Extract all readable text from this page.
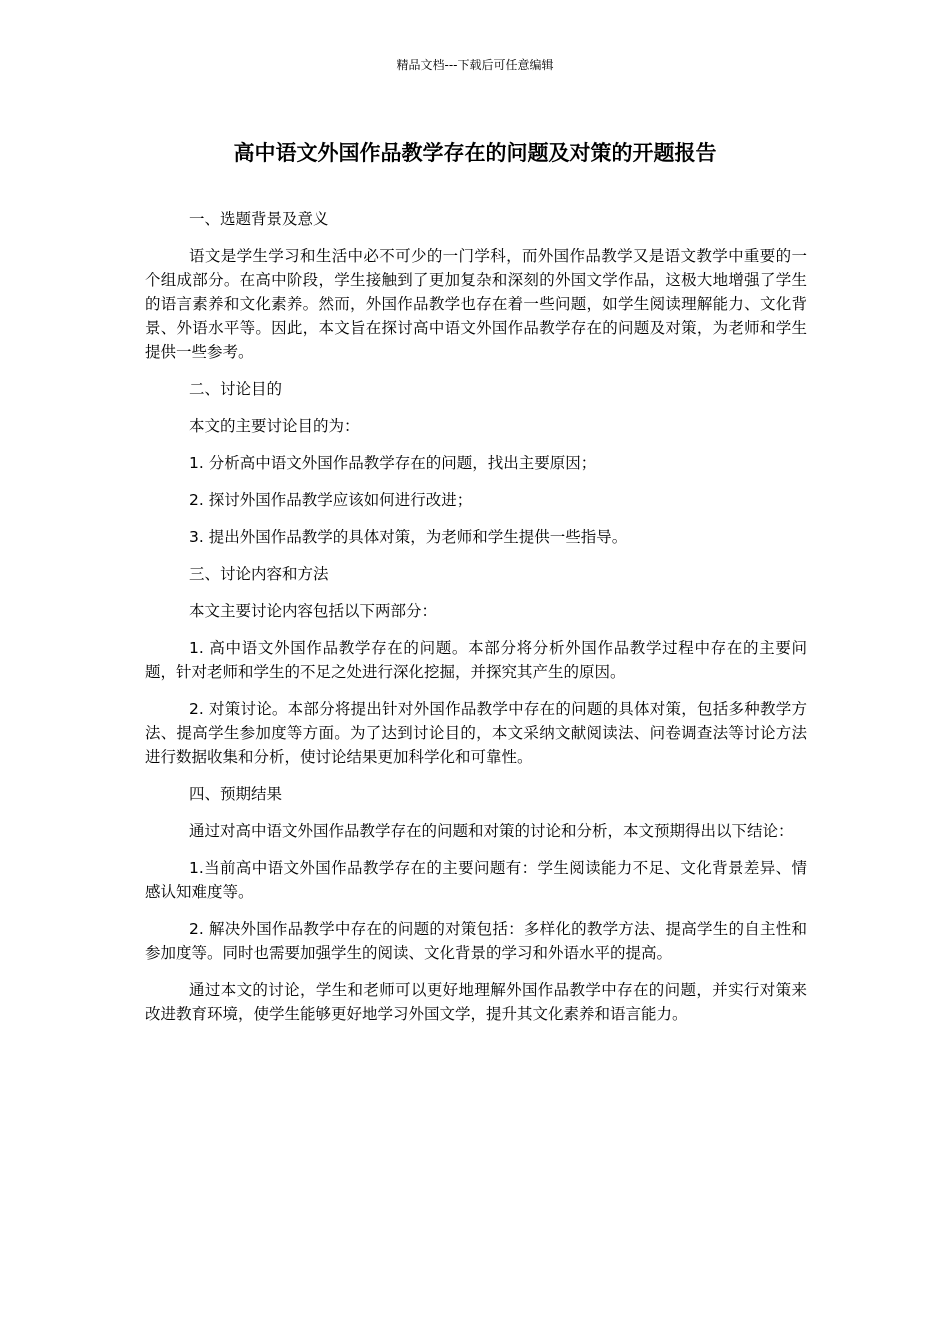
精品文档---下载后可任意编辑
高中语文外国作品教学存在的问题及对策的开题报告

一、选题背景及意义

语文是学生学习和生活中必不可少的一门学科，而外国作品教学又是语文教学中重要的一个组成部分。在高中阶段，学生接触到了更加复杂和深刻的外国文学作品，这极大地增强了学生的语言素养和文化素养。然而，外国作品教学也存在着一些问题，如学生阅读理解能力、文化背景、外语水平等。因此，本文旨在探讨高中语文外国作品教学存在的问题及对策，为老师和学生提供一些参考。

二、讨论目的

本文的主要讨论目的为：

1. 分析高中语文外国作品教学存在的问题，找出主要原因；

2. 探讨外国作品教学应该如何进行改进；

3. 提出外国作品教学的具体对策，为老师和学生提供一些指导。

三、讨论内容和方法

本文主要讨论内容包括以下两部分：

1. 高中语文外国作品教学存在的问题。本部分将分析外国作品教学过程中存在的主要问题，针对老师和学生的不足之处进行深化挖掘，并探究其产生的原因。

2. 对策讨论。本部分将提出针对外国作品教学中存在的问题的具体对策，包括多种教学方法、提高学生参加度等方面。为了达到讨论目的，本文采纳文献阅读法、问卷调查法等讨论方法进行数据收集和分析，使讨论结果更加科学化和可靠性。

四、预期结果

通过对高中语文外国作品教学存在的问题和对策的讨论和分析，本文预期得出以下结论：

1.当前高中语文外国作品教学存在的主要问题有：学生阅读能力不足、文化背景差异、情感认知难度等。

2. 解决外国作品教学中存在的问题的对策包括：多样化的教学方法、提高学生的自主性和参加度等。同时也需要加强学生的阅读、文化背景的学习和外语水平的提高。

通过本文的讨论，学生和老师可以更好地理解外国作品教学中存在的问题，并实行对策来改进教育环境，使学生能够更好地学习外国文学，提升其文化素养和语言能力。
